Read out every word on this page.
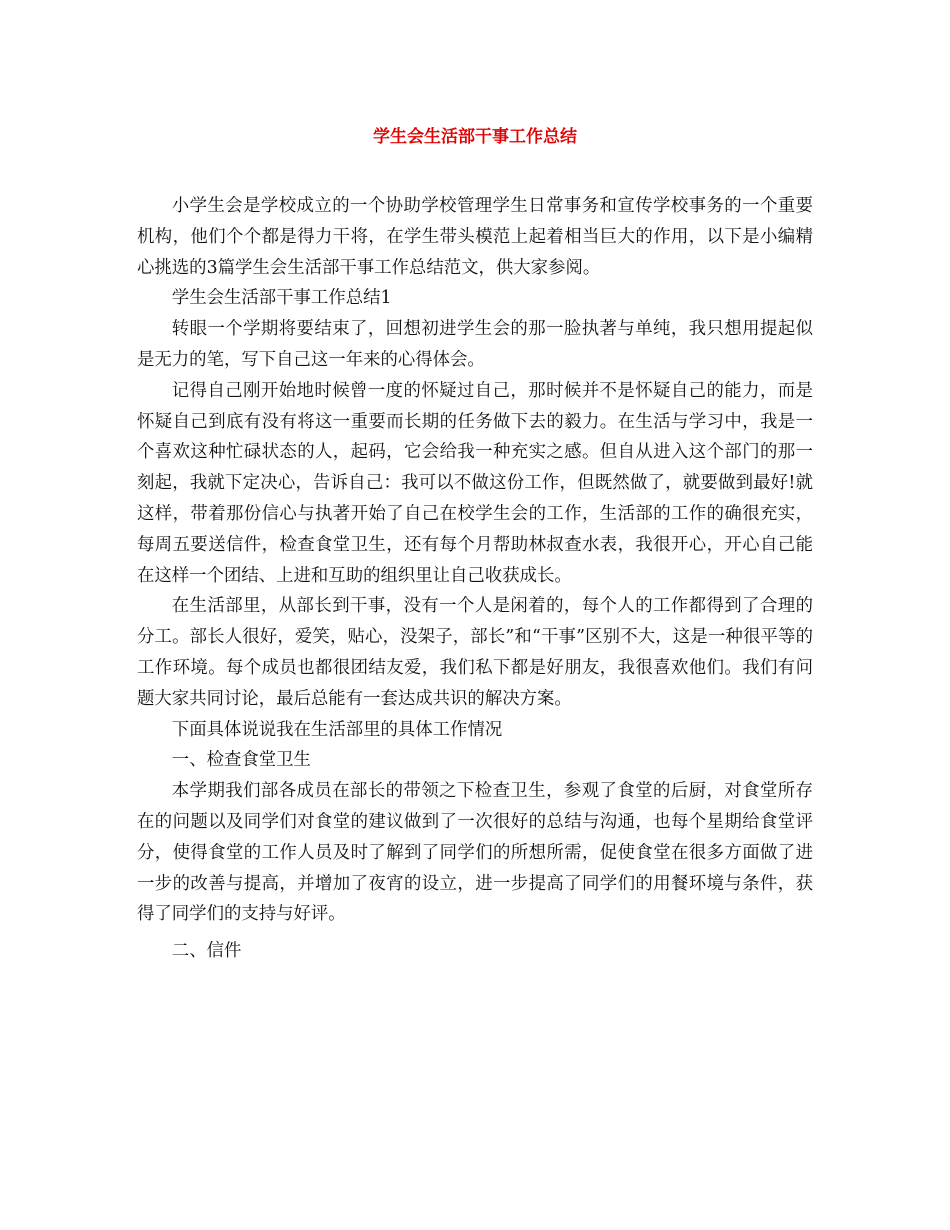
学生会生活部干事工作总结

小学生会是学校成立的一个协助学校管理学生日常事务和宣传学校事务的一个重要机构，他们个个都是得力干将，在学生带头模范上起着相当巨大的作用，以下是小编精心挑选的3篇学生会生活部干事工作总结范文，供大家参阅。

学生会生活部干事工作总结1

转眼一个学期将要结束了，回想初进学生会的那一脸执著与单纯，我只想用提起似是无力的笔，写下自己这一年来的心得体会。

记得自己刚开始地时候曾一度的怀疑过自己，那时候并不是怀疑自己的能力，而是怀疑自己到底有没有将这一重要而长期的任务做下去的毅力。在生活与学习中，我是一个喜欢这种忙碌状态的人，起码，它会给我一种充实之感。但自从进入这个部门的那一刻起，我就下定决心，告诉自己：我可以不做这份工作，但既然做了，就要做到最好!就这样，带着那份信心与执著开始了自己在校学生会的工作，生活部的工作的确很充实，每周五要送信件，检查食堂卫生，还有每个月帮助林叔查水表，我很开心，开心自己能在这样一个团结、上进和互助的组织里让自己收获成长。

在生活部里，从部长到干事，没有一个人是闲着的，每个人的工作都得到了合理的分工。部长人很好，爱笑，贴心，没架子，部长”和“干事”区别不大，这是一种很平等的工作环境。每个成员也都很团结友爱，我们私下都是好朋友，我很喜欢他们。我们有问题大家共同讨论，最后总能有一套达成共识的解决方案。

下面具体说说我在生活部里的具体工作情况

一、检查食堂卫生

本学期我们部各成员在部长的带领之下检查卫生，参观了食堂的后厨，对食堂所存在的问题以及同学们对食堂的建议做到了一次很好的总结与沟通，也每个星期给食堂评分，使得食堂的工作人员及时了解到了同学们的所想所需，促使食堂在很多方面做了进一步的改善与提高，并增加了夜宵的设立，进一步提高了同学们的用餐环境与条件，获得了同学们的支持与好评。

二、信件
